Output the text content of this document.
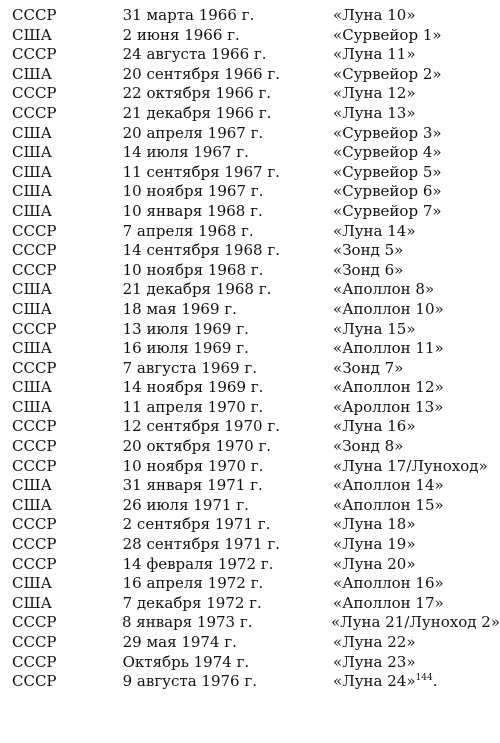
СССР	31 марта 1966 г.	«Луна 10»
США	2 июня 1966 г.	«Сурвейор 1»
СССР	24 августа 1966 г.	«Луна 11»
США	20 сентября 1966 г.	«Сурвейор 2»
СССР	22 октября 1966 г.	«Луна 12»
СССР	21 декабря 1966 г.	«Луна 13»
США	20 апреля 1967 г.	«Сурвейор 3»
США	14 июля 1967 г.	«Сурвейор 4»
США	11 сентября 1967 г.	«Сурвейор 5»
США	10 ноября 1967 г.	«Сурвейор 6»
США	10 января 1968 г.	«Сурвейор 7»
СССР	7 апреля 1968 г.	«Луна 14»
СССР	14 сентября 1968 г.	«Зонд 5»
СССР	10 ноября 1968 г.	«Зонд 6»
США	21 декабря 1968 г.	«Аполлон 8»
США	18 мая 1969 г.	«Аполлон 10»
СССР	13 июля 1969 г.	«Луна 15»
США	16 июля 1969 г.	«Аполлон 11»
СССР	7 августа 1969 г.	«Зонд 7»
США	14 ноября 1969 г.	«Аполлон 12»
США	11 апреля 1970 г.	«Ароллон 13»
СССР	12 сентября 1970 г.	«Луна 16»
СССР	20 октября 1970 г.	«Зонд 8»
СССР	10 ноября 1970 г.	«Луна 17/Луноход»
США	31 января 1971 г.	«Аполлон 14»
США	26 июля 1971 г.	«Аполлон 15»
СССР	2 сентября 1971 г.	«Луна 18»
СССР	28 сентября 1971 г.	«Луна 19»
СССР	14 февраля 1972 г.	«Луна 20»
США	16 апреля 1972 г.	«Аполлон 16»
США	7 декабря 1972 г.	«Аполлон 17»
СССР	8 января 1973 г.	«Луна 21/Луноход 2»
СССР	29 мая 1974 г.	«Луна 22»
СССР	Октябрь 1974 г.	«Луна 23»
СССР	9 августа 1976 г.	«Луна 24»$^{144}$.
